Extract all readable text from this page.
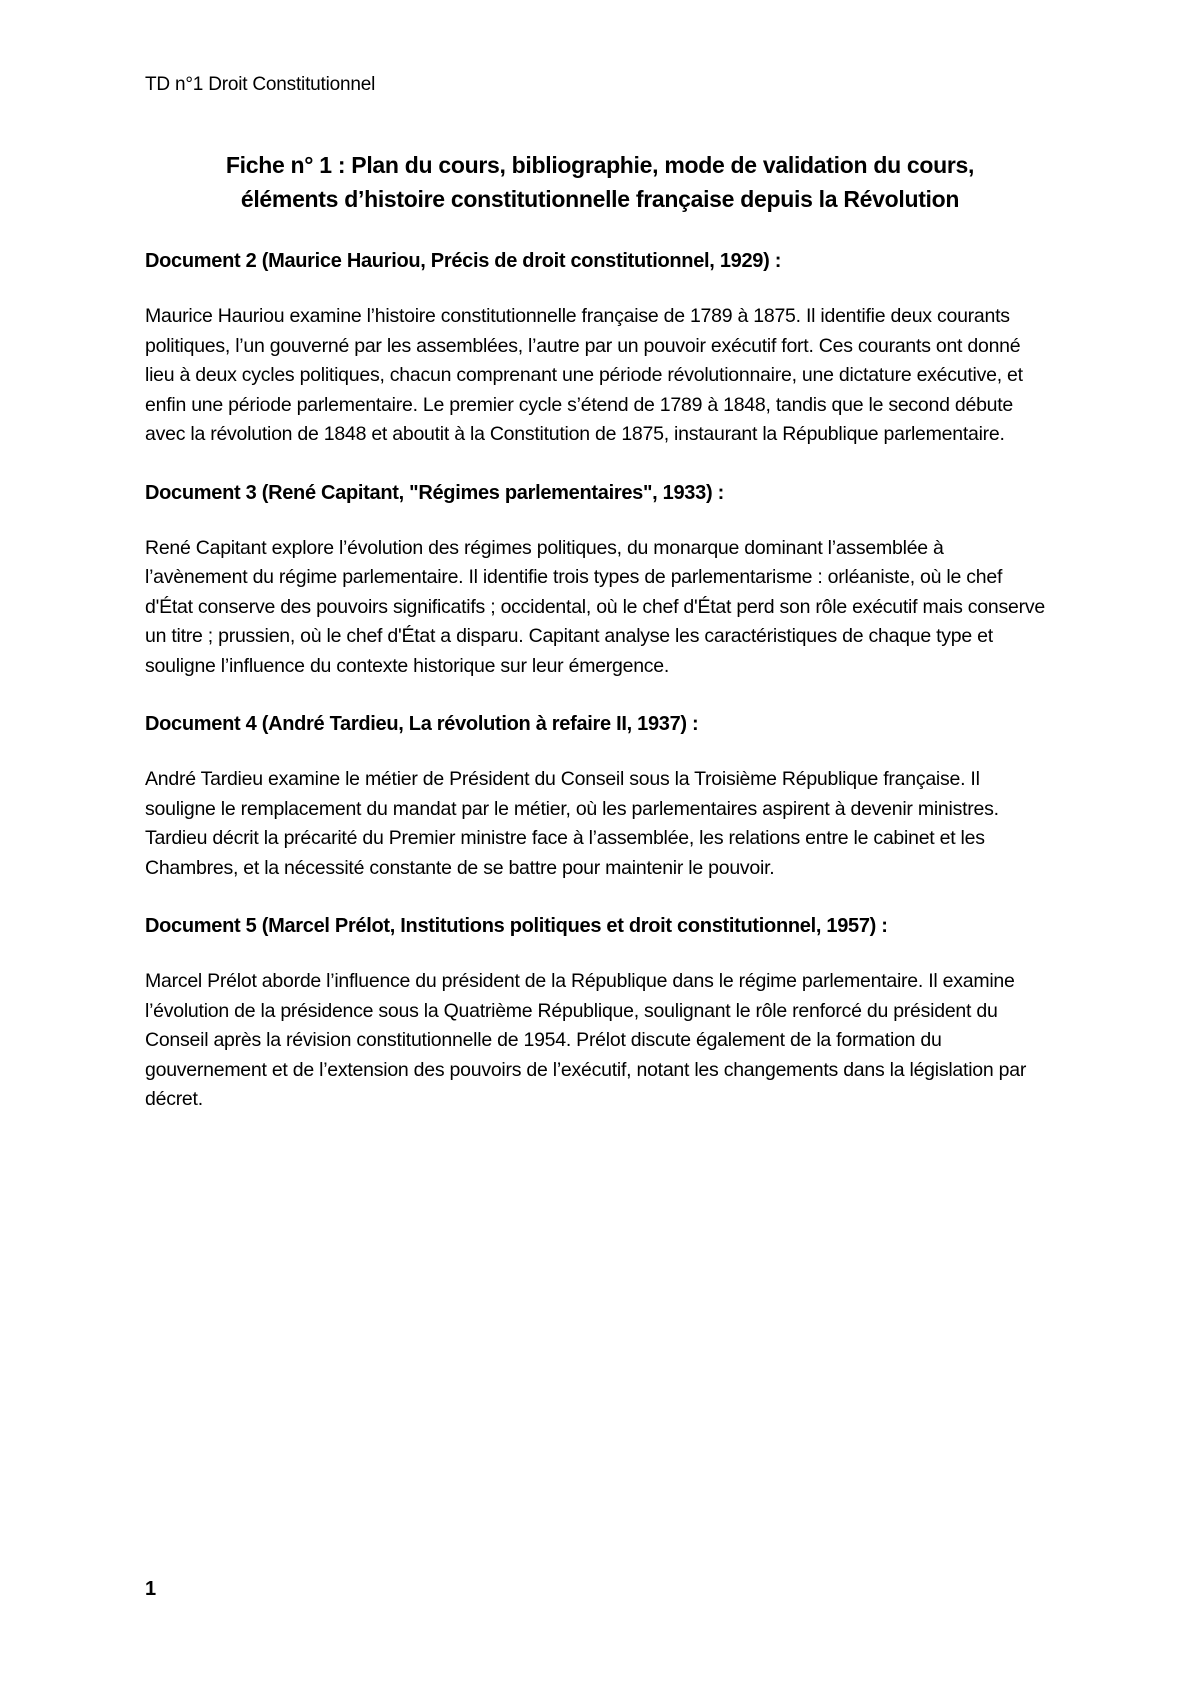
TD n°1 Droit Constitutionnel
Fiche n° 1 : Plan du cours, bibliographie, mode de validation du cours,
éléments d’histoire constitutionnelle française depuis la Révolution

Document 2 (Maurice Hauriou, Précis de droit constitutionnel, 1929) :

Maurice Hauriou examine l’histoire constitutionnelle française de 1789 à 1875. Il identifie deux courants politiques, l’un gouverné par les assemblées, l’autre par un pouvoir exécutif fort. Ces courants ont donné lieu à deux cycles politiques, chacun comprenant une période révolutionnaire, une dictature exécutive, et enfin une période parlementaire. Le premier cycle s’étend de 1789 à 1848, tandis que le second débute avec la révolution de 1848 et aboutit à la Constitution de 1875, instaurant la République parlementaire.

Document 3 (René Capitant, "Régimes parlementaires", 1933) :

René Capitant explore l’évolution des régimes politiques, du monarque dominant l’assemblée à l’avènement du régime parlementaire. Il identifie trois types de parlementarisme : orléaniste, où le chef d'État conserve des pouvoirs significatifs ; occidental, où le chef d'État perd son rôle exécutif mais conserve un titre ; prussien, où le chef d'État a disparu. Capitant analyse les caractéristiques de chaque type et souligne l’influence du contexte historique sur leur émergence.

Document 4 (André Tardieu, La révolution à refaire II, 1937) :

André Tardieu examine le métier de Président du Conseil sous la Troisième République française. Il souligne le remplacement du mandat par le métier, où les parlementaires aspirent à devenir ministres. Tardieu décrit la précarité du Premier ministre face à l’assemblée, les relations entre le cabinet et les Chambres, et la nécessité constante de se battre pour maintenir le pouvoir.

Document 5 (Marcel Prélot, Institutions politiques et droit constitutionnel, 1957) :

Marcel Prélot aborde l’influence du président de la République dans le régime parlementaire. Il examine l’évolution de la présidence sous la Quatrième République, soulignant le rôle renforcé du président du Conseil après la révision constitutionnelle de 1954. Prélot discute également de la formation du gouvernement et de l’extension des pouvoirs de l’exécutif, notant les changements dans la législation par décret.

1
